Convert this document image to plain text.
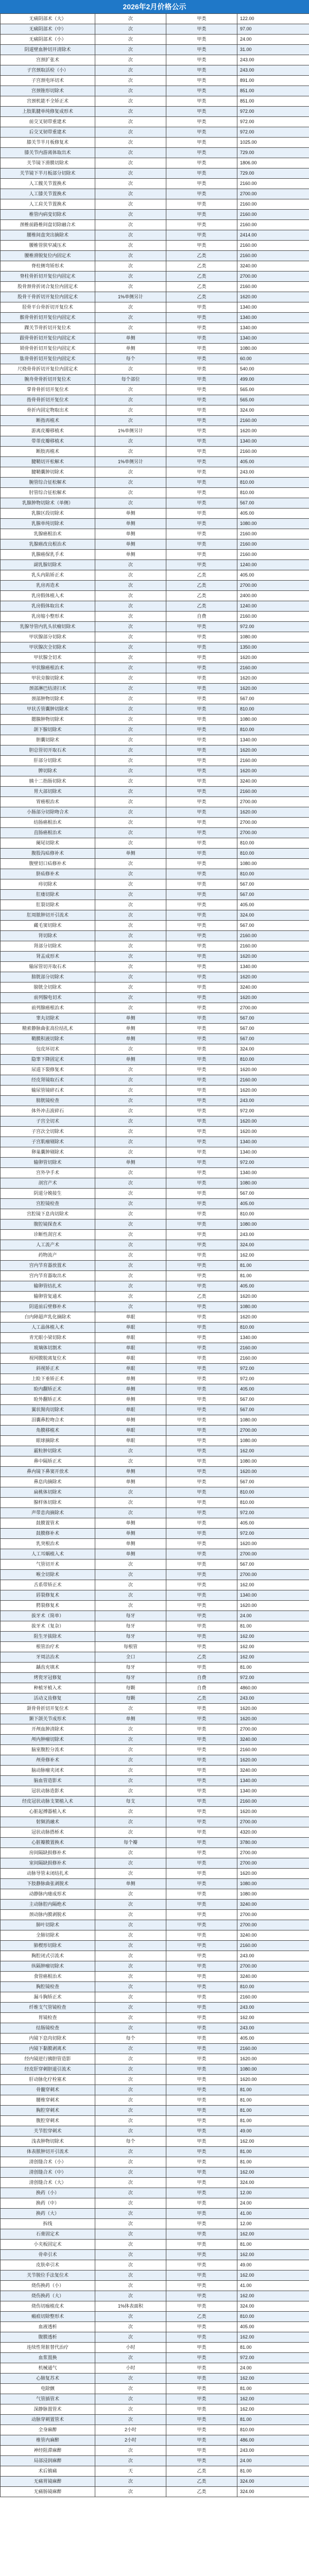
2026年2月价格公示
无痛阴部术（大）	次	甲类	122.00
无痛阴部术（中）	次	甲类	97.00
无痛阴部术（小）	次	甲类	24.00
阴道壁血肿切开清除术	次	甲类	31.00
宫颈扩张术	次	甲类	243.00
子宫颈取活检（小）	次	甲类	243.00
子宫颈电环切术	次	甲类	891.00
宫颈锥形切除术	次	甲类	851.00
宫颈机能不全矫正术	次	甲类	851.00
上肢肌腱单纯修复成形术	次	甲类	972.00
前交叉韧带重建术	次	甲类	972.00
后交叉韧带重建术	次	甲类	972.00
膝关节半月板修复术	次	甲类	1025.00
膝关节内游离体取出术	次	甲类	729.00
关节镜下滑膜切除术	次	甲类	1806.00
关节镜下半月板部分切除术	次	甲类	729.00
人工髋关节置换术	次	甲类	2160.00
人工膝关节置换术	次	甲类	2700.00
人工肩关节置换术	次	甲类	2160.00
椎管内病变切除术	次	甲类	2160.00
颈椎前路椎间盘切除融合术	次	甲类	2160.00
腰椎间盘突出摘除术	次	甲类	2414.00
腰椎管狭窄减压术	次	甲类	2160.00
腰椎滑脱复位内固定术	次	乙类	2160.00
脊柱侧弯矫形术	次	乙类	3240.00
脊柱骨折切开复位内固定术	次	乙类	2700.00
股骨颈骨折闭合复位内固定术	次	乙类	2160.00
股骨干骨折切开复位内固定术	1%单侧另计	乙类	1620.00
胫骨平台骨折切开复位术	次	甲类	1340.00
髌骨骨折切开复位内固定术	次	甲类	1340.00
踝关节骨折切开复位术	次	甲类	1340.00
跟骨骨折切开复位内固定术	单侧	甲类	1340.00
锁骨骨折切开复位内固定术	单侧	甲类	1080.00
肱骨骨折切开复位内固定术	每个	甲类	60.00
尺桡骨骨折切开复位内固定术	次	甲类	540.00
腕舟骨骨折切开复位术	每个部位	甲类	499.00
掌骨骨折切开复位术	次	甲类	565.00
指骨骨折切开复位术	次	甲类	565.00
骨折内固定物取出术	次	甲类	324.00
断指再植术	次	甲类	2160.00
游离皮瓣移植术	1%单侧另计	甲类	1620.00
带蒂皮瓣移植术	次	甲类	1340.00
断肢再植术	次	甲类	2160.00
腱鞘切开松解术	1%单侧另计	甲类	405.00
腱鞘囊肿切除术	次	甲类	243.00
腕管综合征松解术	次	甲类	810.00
肘管综合征松解术	次	甲类	810.00
乳腺肿物切除术（单侧）	次	甲类	567.00
乳腺区段切除术	单侧	甲类	405.00
乳腺单纯切除术	单侧	甲类	1080.00
乳腺癌根治术	单侧	甲类	2160.00
乳腺癌改良根治术	单侧	甲类	2160.00
乳腺癌保乳手术	单侧	甲类	2160.00
副乳腺切除术	次	甲类	1240.00
乳头内陷矫正术	次	乙类	405.00
乳房再造术	次	乙类	2700.00
乳房假体植入术	次	乙类	2400.00
乳房假体取出术	次	乙类	1240.00
乳房缩小整形术	次	自费	2160.00
乳腺导管内乳头状瘤切除术	次	甲类	972.00
甲状腺部分切除术	次	甲类	1080.00
甲状腺次全切除术	次	甲类	1350.00
甲状腺全切术	次	甲类	1620.00
甲状腺癌根治术	次	甲类	2160.00
甲状旁腺切除术	次	甲类	1620.00
颈部淋巴结清扫术	次	甲类	1620.00
颈部肿物切除术	次	甲类	567.00
甲状舌管囊肿切除术	次	甲类	810.00
腮腺肿物切除术	次	甲类	1080.00
颌下腺切除术	次	甲类	810.00
胆囊切除术	次	甲类	1340.00
胆总管切开取石术	次	甲类	1620.00
肝部分切除术	次	甲类	2160.00
脾切除术	次	甲类	1620.00
胰十二指肠切除术	次	甲类	3240.00
胃大部切除术	次	甲类	2160.00
胃癌根治术	次	甲类	2700.00
小肠部分切除吻合术	次	甲类	1620.00
结肠癌根治术	次	甲类	2700.00
直肠癌根治术	次	甲类	2700.00
阑尾切除术	次	甲类	810.00
腹股沟疝修补术	单侧	甲类	810.00
腹壁切口疝修补术	次	甲类	1080.00
脐疝修补术	次	甲类	810.00
痔切除术	次	甲类	567.00
肛瘘切除术	次	甲类	567.00
肛裂切除术	次	甲类	405.00
肛周脓肿切开引流术	次	甲类	324.00
藏毛窦切除术	次	甲类	567.00
肾切除术	次	甲类	2160.00
肾部分切除术	次	甲类	2160.00
肾盂成形术	次	甲类	1620.00
输尿管切开取石术	次	甲类	1340.00
膀胱部分切除术	次	甲类	1620.00
膀胱全切除术	次	甲类	3240.00
前列腺电切术	次	甲类	1620.00
前列腺癌根治术	次	甲类	2700.00
睾丸切除术	单侧	甲类	567.00
精索静脉曲张高位结扎术	单侧	甲类	567.00
鞘膜积液切除术	单侧	甲类	567.00
包皮环切术	次	甲类	324.00
隐睾下降固定术	单侧	甲类	810.00
尿道下裂修复术	次	甲类	1620.00
经皮肾镜取石术	次	甲类	2160.00
输尿管镜碎石术	次	甲类	1620.00
膀胱镜检查	次	甲类	243.00
体外冲击波碎石	次	甲类	972.00
子宫全切术	次	甲类	1620.00
子宫次全切除术	次	甲类	1620.00
子宫肌瘤剔除术	次	甲类	1340.00
卵巢囊肿剔除术	次	甲类	1340.00
输卵管切除术	单侧	甲类	972.00
宫外孕手术	次	甲类	1340.00
剖宫产术	次	甲类	1080.00
阴道分娩接生	次	甲类	567.00
宫腔镜检查	次	甲类	405.00
宫腔镜下息肉切除术	次	甲类	810.00
腹腔镜探查术	次	甲类	1080.00
诊断性刮宫术	次	甲类	243.00
人工流产术	次	甲类	324.00
药物流产	次	甲类	162.00
宫内节育器放置术	次	甲类	81.00
宫内节育器取出术	次	甲类	81.00
输卵管结扎术	次	甲类	405.00
输卵管复通术	次	乙类	1620.00
阴道前后壁修补术	次	甲类	1080.00
白内障超声乳化摘除术	单眼	甲类	1620.00
人工晶体植入术	单眼	甲类	810.00
青光眼小梁切除术	单眼	甲类	1340.00
玻璃体切割术	单眼	甲类	2160.00
视网膜脱离复位术	单眼	甲类	2160.00
斜视矫正术	单眼	甲类	972.00
上睑下垂矫正术	单侧	甲类	972.00
睑内翻矫正术	单侧	甲类	405.00
睑外翻矫正术	单侧	甲类	567.00
翼状胬肉切除术	单眼	甲类	567.00
泪囊鼻腔吻合术	单侧	甲类	1080.00
角膜移植术	单眼	甲类	2700.00
眼球摘除术	单眼	甲类	1080.00
霰粒肿切除术	次	甲类	162.00
鼻中隔矫正术	次	甲类	1080.00
鼻内镜下鼻窦开放术	单侧	甲类	1620.00
鼻息肉摘除术	单侧	甲类	567.00
扁桃体切除术	次	甲类	810.00
腺样体切除术	次	甲类	810.00
声带息肉摘除术	次	甲类	972.00
鼓膜置管术	单侧	甲类	405.00
鼓膜修补术	单侧	甲类	972.00
乳突根治术	单侧	甲类	1620.00
人工耳蜗植入术	单侧	甲类	2700.00
气管切开术	次	甲类	567.00
喉全切除术	次	甲类	2700.00
舌系带矫正术	次	甲类	162.00
唇裂修复术	次	甲类	1340.00
腭裂修复术	次	甲类	1620.00
拔牙术（简单）	每牙	甲类	24.00
拔牙术（复杂）	每牙	甲类	81.00
阻生牙拔除术	每牙	甲类	162.00
根管治疗术	每根管	甲类	162.00
牙周洁治术	全口	乙类	162.00
龋齿充填术	每牙	甲类	81.00
烤瓷牙冠修复	每牙	自费	972.00
种植牙植入术	每颗	自费	4860.00
活动义齿修复	每颗	乙类	243.00
颌骨骨折切开复位术	次	甲类	1620.00
颞下颌关节成形术	单侧	甲类	1620.00
开颅血肿清除术	次	甲类	2700.00
颅内肿瘤切除术	次	甲类	3240.00
脑室腹腔分流术	次	甲类	2160.00
颅骨修补术	次	甲类	1620.00
脑动脉瘤夹闭术	次	甲类	3240.00
脑血管造影术	次	甲类	1340.00
冠状动脉造影术	次	甲类	1340.00
经皮冠状动脉支架植入术	每支	甲类	2160.00
心脏起搏器植入术	次	甲类	1620.00
射频消融术	次	甲类	2700.00
冠状动脉搭桥术	次	甲类	4320.00
心脏瓣膜置换术	每个瓣	甲类	3780.00
房间隔缺损修补术	次	甲类	2700.00
室间隔缺损修补术	次	甲类	2700.00
动脉导管未闭结扎术	次	甲类	1620.00
下肢静脉曲张剥脱术	单侧	甲类	1080.00
动静脉内瘘成形术	次	甲类	1080.00
主动脉腔内隔绝术	次	甲类	3240.00
颈动脉内膜剥脱术	次	甲类	2700.00
肺叶切除术	次	甲类	2700.00
全肺切除术	次	甲类	3240.00
肺楔形切除术	次	甲类	2160.00
胸腔闭式引流术	次	甲类	243.00
纵隔肿瘤切除术	次	甲类	2700.00
食管癌根治术	次	甲类	3240.00
胸腔镜检查	次	甲类	810.00
漏斗胸矫正术	次	甲类	2160.00
纤维支气管镜检查	次	甲类	243.00
胃镜检查	次	甲类	162.00
结肠镜检查	次	甲类	243.00
内镜下息肉切除术	每个	甲类	405.00
内镜下黏膜剥离术	次	甲类	2160.00
经内镜逆行胰胆管造影	次	甲类	1620.00
经皮肝穿刺胆道引流术	次	甲类	1080.00
肝动脉化疗栓塞术	次	甲类	1620.00
骨髓穿刺术	次	甲类	81.00
腰椎穿刺术	次	甲类	81.00
胸腔穿刺术	次	甲类	81.00
腹腔穿刺术	次	甲类	81.00
关节腔穿刺术	次	甲类	49.00
浅表肿物切除术	每个	甲类	162.00
体表脓肿切开引流术	次	甲类	81.00
清创缝合术（小）	次	甲类	81.00
清创缝合术（中）	次	甲类	162.00
清创缝合术（大）	次	甲类	324.00
换药（小）	次	甲类	12.00
换药（中）	次	甲类	24.00
换药（大）	次	甲类	41.00
拆线	次	甲类	12.00
石膏固定术	次	甲类	162.00
小夹板固定术	次	甲类	81.00
骨牵引术	次	甲类	162.00
皮肤牵引术	次	甲类	49.00
关节脱位手法复位术	次	甲类	162.00
烧伤换药（小）	次	甲类	41.00
烧伤换药（大）	次	甲类	162.00
烧伤切痂植皮术	1%体表面积	甲类	324.00
瘢痕切除整形术	次	乙类	810.00
血液透析	次	甲类	405.00
腹膜透析	次	甲类	162.00
连续性肾脏替代治疗	小时	甲类	81.00
血浆置换	次	甲类	972.00
机械通气	小时	甲类	24.00
心肺复苏术	次	甲类	162.00
电除颤	次	甲类	81.00
气管插管术	次	甲类	162.00
深静脉置管术	次	甲类	162.00
动脉穿刺置管术	次	甲类	81.00
全身麻醉	2小时	甲类	810.00
椎管内麻醉	2小时	甲类	486.00
神经阻滞麻醉	次	甲类	243.00
局部浸润麻醉	次	甲类	24.00
术后镇痛	天	乙类	81.00
无痛胃镜麻醉	次	乙类	324.00
无痛肠镜麻醉	次	乙类	324.00
